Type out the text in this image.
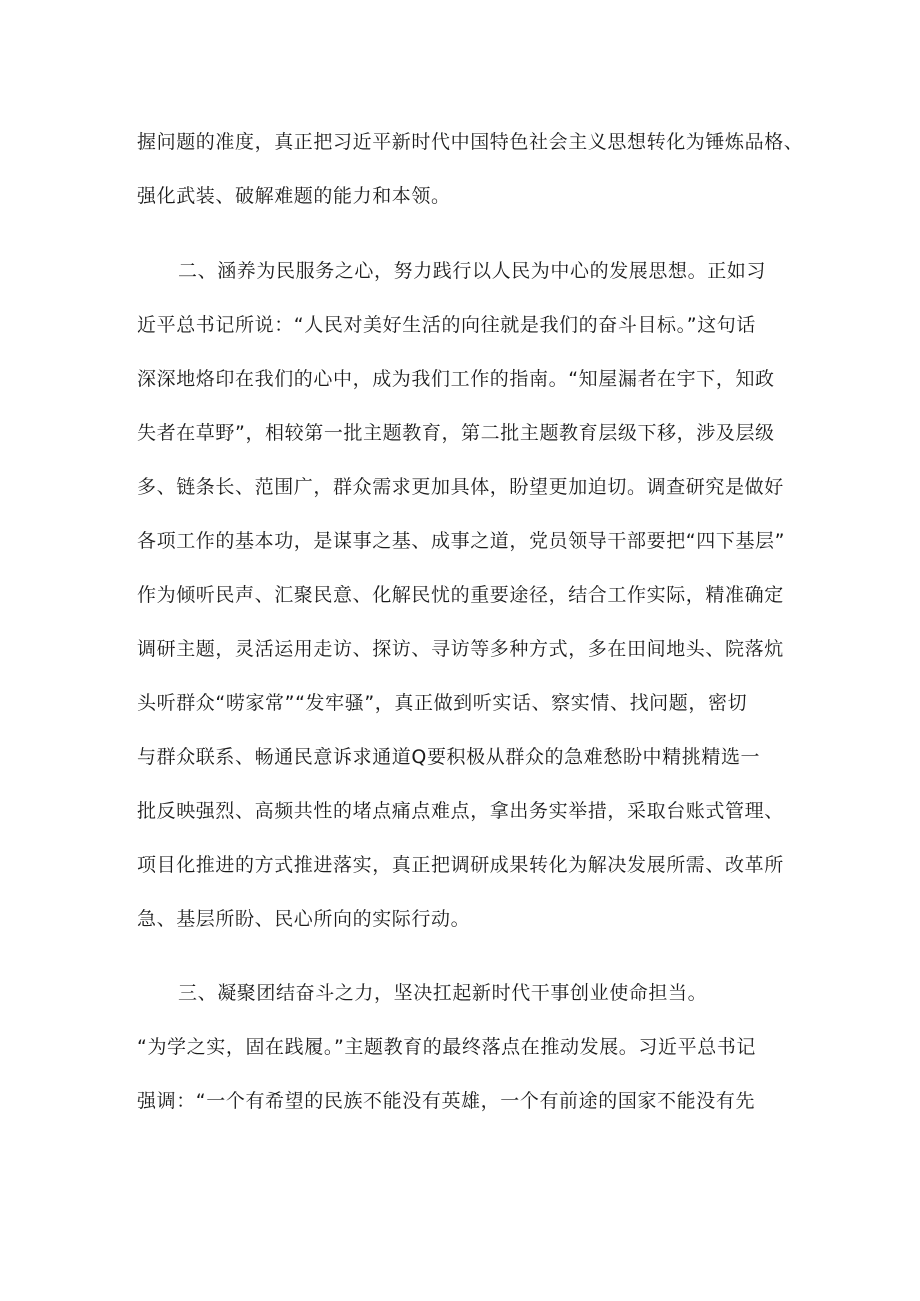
握问题的准度，真正把习近平新时代中国特色社会主义思想转化为锤炼品格、
强化武装、破解难题的能力和本领。
二、涵养为民服务之心，努力践行以人民为中心的发展思想。正如习
近平总书记所说：“人民对美好生活的向往就是我们的奋斗目标。”这句话
深深地烙印在我们的心中，成为我们工作的指南。“知屋漏者在宇下，知政
失者在草野”，相较第一批主题教育，第二批主题教育层级下移，涉及层级
多、链条长、范围广，群众需求更加具体，盼望更加迫切。调查研究是做好
各项工作的基本功，是谋事之基、成事之道，党员领导干部要把“四下基层”
作为倾听民声、汇聚民意、化解民忧的重要途径，结合工作实际，精准确定
调研主题，灵活运用走访、探访、寻访等多种方式，多在田间地头、院落炕
头听群众“唠家常”“发牢骚”，真正做到听实话、察实情、找问题，密切
与群众联系、畅通民意诉求通道Q要积极从群众的急难愁盼中精挑精选一
批反映强烈、高频共性的堵点痛点难点，拿出务实举措，采取台账式管理、
项目化推进的方式推进落实，真正把调研成果转化为解决发展所需、改革所
急、基层所盼、民心所向的实际行动。
三、凝聚团结奋斗之力，坚决扛起新时代干事创业使命担当。
“为学之实，固在践履。”主题教育的最终落点在推动发展。习近平总书记
强调：“一个有希望的民族不能没有英雄，一个有前途的国家不能没有先
